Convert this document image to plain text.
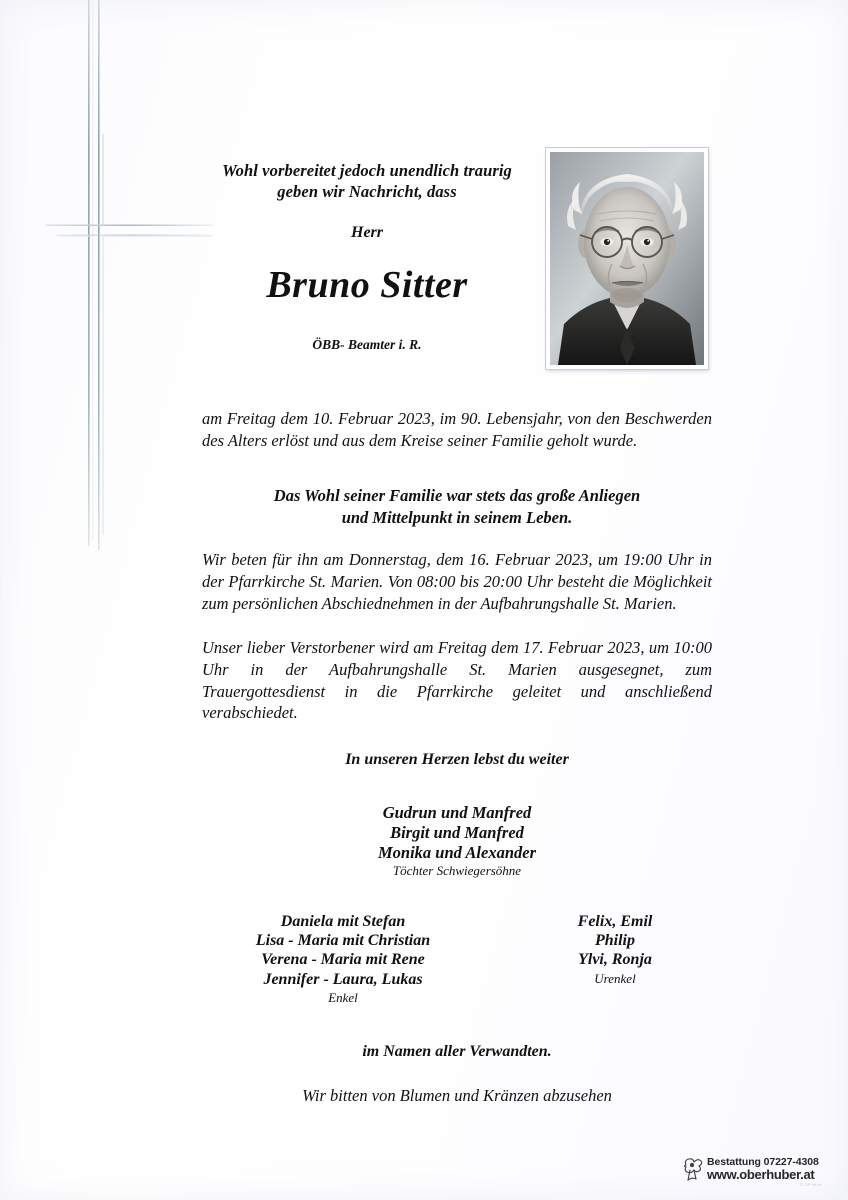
Wohl vorbereitet jedoch unendlich traurig
geben wir Nachricht, dass
Herr
Bruno Sitter
ÖBB- Beamter i. R.
am Freitag dem 10. Februar 2023, im 90. Lebensjahr, von den Beschwerden des Alters erlöst und aus dem Kreise seiner Familie geholt wurde.
Das Wohl seiner Familie war stets das große Anliegen
und Mittelpunkt in seinem Leben.
Wir beten für ihn am Donnerstag, dem 16. Februar 2023, um 19:00 Uhr in der Pfarrkirche St. Marien. Von 08:00 bis 20:00 Uhr besteht die Möglichkeit zum persönlichen Abschiednehmen in der Aufbahrungshalle St. Marien.
Unser lieber Verstorbener wird am Freitag dem 17. Februar 2023, um 10:00 Uhr in der Aufbahrungshalle St. Marien ausgesegnet, zum Trauergottesdienst in die Pfarrkirche geleitet und anschließend verabschiedet.
In unseren Herzen lebst du weiter
Gudrun und Manfred
Birgit und Manfred
Monika und Alexander
Töchter Schwiegersöhne
Daniela mit Stefan
Lisa - Maria mit Christian
Verena - Maria mit Rene
Jennifer - Laura, Lukas
Enkel
Felix, Emil
Philip
Ylvi, Ronja
Urenkel
im Namen aller Verwandten.
Wir bitten von Blumen und Kränzen abzusehen
Bestattung 07227-4308
www.oberhuber.at
© OP Hi-lit
